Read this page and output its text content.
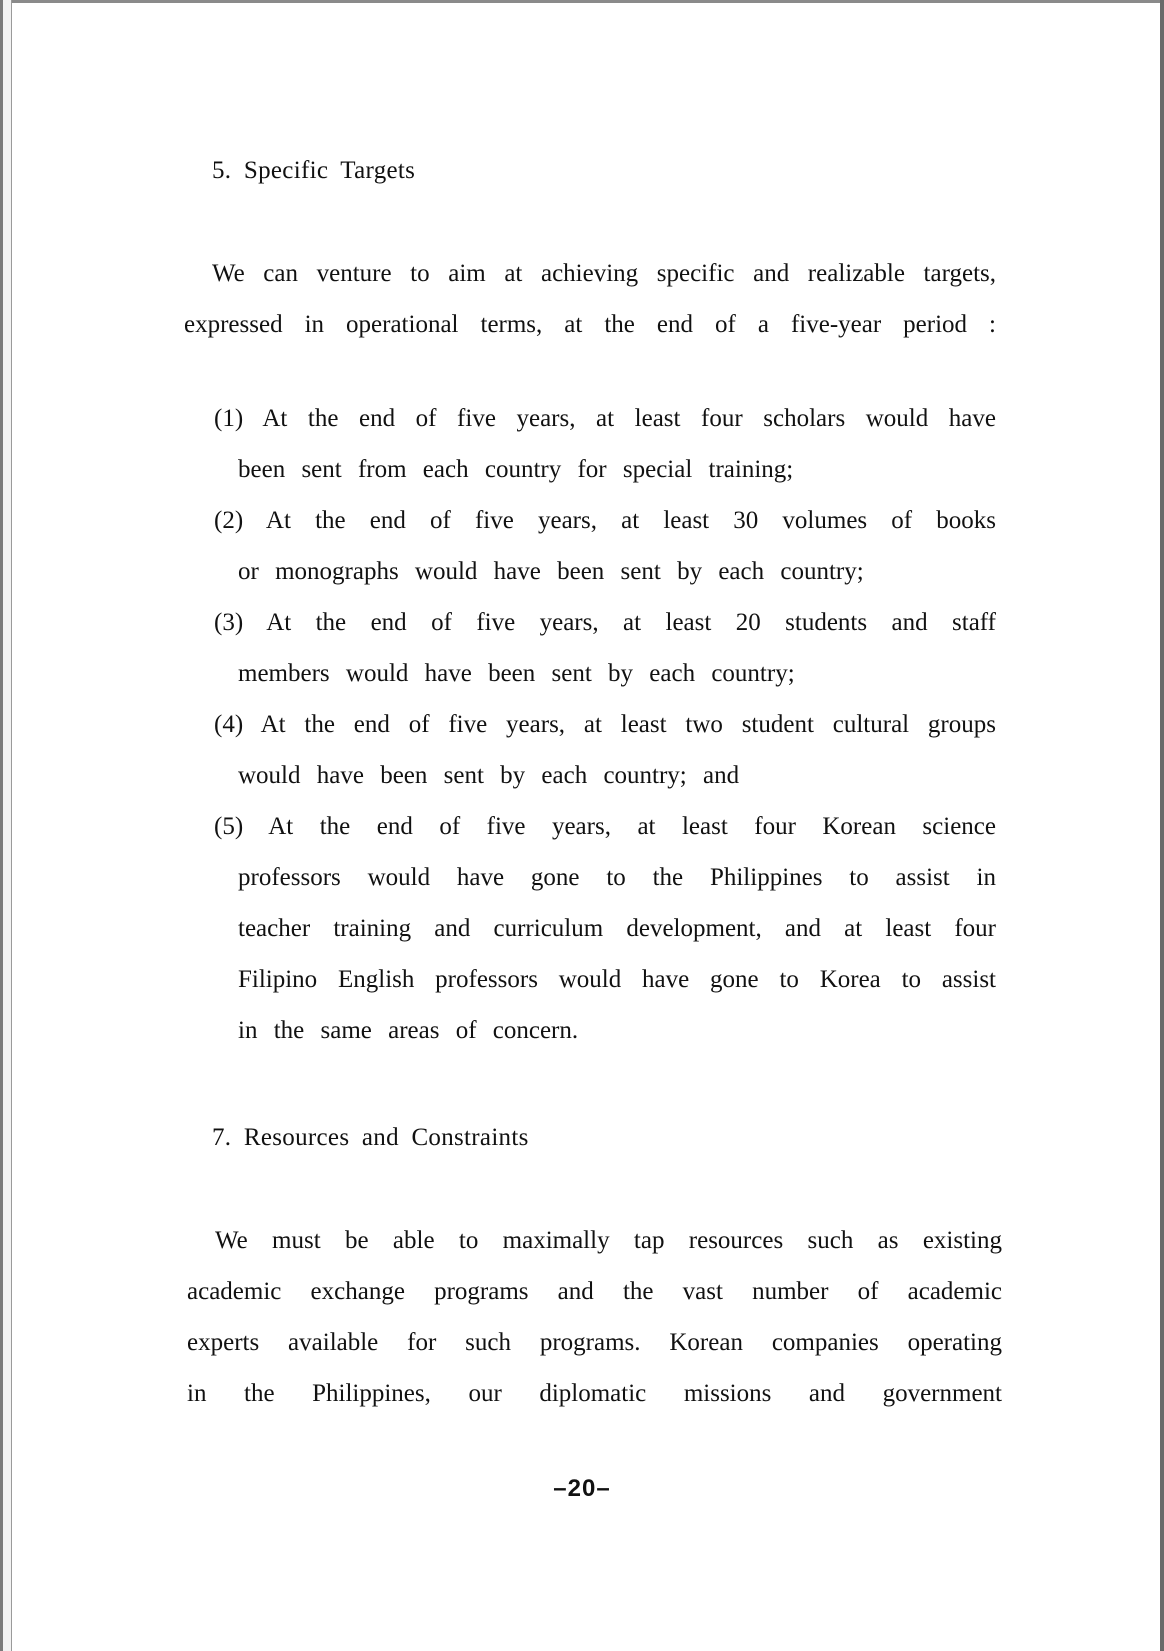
5. Specific Targets
We can venture to aim at achieving specific and realizable targets,
expressed in operational terms, at the end of a five-year period :
(1) At the end of five years, at least four scholars would have
been sent from each country for special training;
(2) At the end of five years, at least 30 volumes of books
or monographs would have been sent by each country;
(3) At the end of five years, at least 20 students and staff
members would have been sent by each country;
(4) At the end of five years, at least two student cultural groups
would have been sent by each country; and
(5) At the end of five years, at least four Korean science
professors would have gone to the Philippines to assist in
teacher training and curriculum development, and at least four
Filipino English professors would have gone to Korea to assist
in the same areas of concern.
7. Resources and Constraints
We must be able to maximally tap resources such as existing
academic exchange programs and the vast number of academic
experts available for such programs. Korean companies operating
in the Philippines, our diplomatic missions and government
–20–
